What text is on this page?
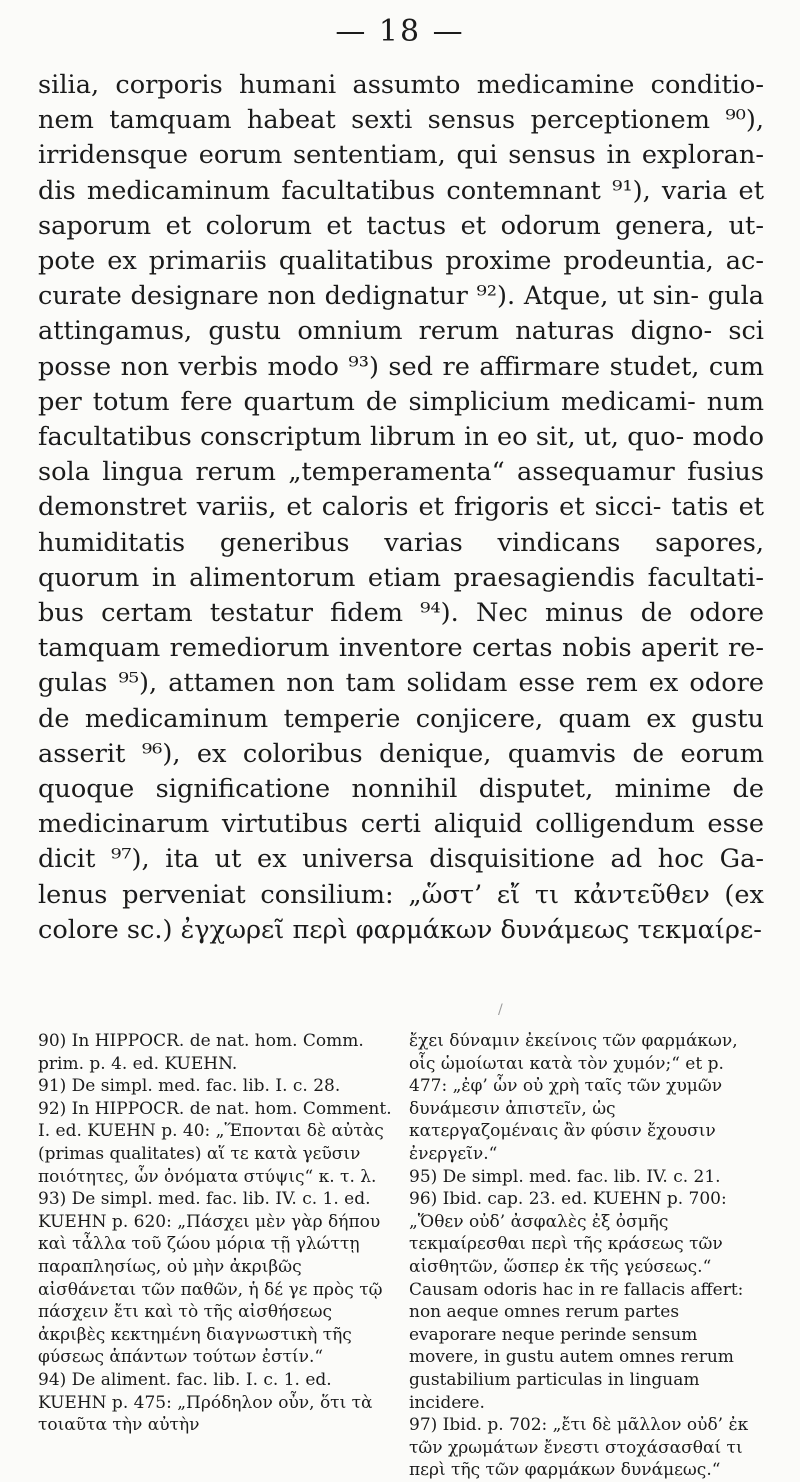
— 18 —

silia, corporis humani assumto medicamine conditio- nem tamquam habeat sexti sensus perceptionem ⁹⁰), irridensque eorum sententiam, qui sensus in exploran- dis medicaminum facultatibus contemnant ⁹¹), varia et saporum et colorum et tactus et odorum genera, ut- pote ex primariis qualitatibus proxime prodeuntia, ac- curate designare non dedignatur ⁹²). Atque, ut sin- gula attingamus, gustu omnium rerum naturas digno- sci posse non verbis modo ⁹³) sed re affirmare studet, cum per totum fere quartum de simplicium medicami- num facultatibus conscriptum librum in eo sit, ut, quo- modo sola lingua rerum „temperamenta“ assequamur fusius demonstret variis, et caloris et frigoris et sicci- tatis et humiditatis generibus varias vindicans sapores, quorum in alimentorum etiam praesagiendis facultati- bus certam testatur fidem ⁹⁴). Nec minus de odore tamquam remediorum inventore certas nobis aperit re- gulas ⁹⁵), attamen non tam solidam esse rem ex odore de medicaminum temperie conjicere, quam ex gustu asserit ⁹⁶), ex coloribus denique, quamvis de eorum quoque significatione nonnihil disputet, minime de medicinarum virtutibus certi aliquid colligendum esse dicit ⁹⁷), ita ut ex universa disquisitione ad hoc Ga- lenus perveniat consilium: „ὥστ’ εἴ τι κἀντεῦθεν (ex colore sc.) ἐγχωρεῖ περὶ φαρμάκων δυνάμεως τεκμαίρε-

/

90) In HIPPOCR. de nat. hom. Comm. prim. p. 4. ed. KUEHN.

91) De simpl. med. fac. lib. I. c. 28.

92) In HIPPOCR. de nat. hom. Comment. I. ed. KUEHN p. 40: „Ἕπονται δὲ αὐτὰς (primas qualitates) αἵ τε κατὰ γεῦσιν ποιότητες, ὧν ὀνόματα στύψις“ κ. τ. λ.

93) De simpl. med. fac. lib. IV. c. 1. ed. KUEHN p. 620: „Πάσχει μὲν γὰρ δήπου καὶ τἆλλα τοῦ ζώου μόρια τῇ γλώττῃ παραπλησίως, οὐ μὴν ἀκριβῶς αἰσθάνεται τῶν παθῶν, ἡ δέ γε πρὸς τῷ πάσχειν ἔτι καὶ τὸ τῆς αἰσθήσεως ἀκριβὲς κεκτημένη διαγνωστικὴ τῆς φύσεως ἁπάντων τούτων ἐστίν.“

94) De aliment. fac. lib. I. c. 1. ed. KUEHN p. 475: „Πρόδηλον οὖν, ὅτι τὰ τοιαῦτα τὴν αὐτὴν

ἔχει δύναμιν ἐκείνοις τῶν φαρμάκων, οἷς ὡμοίωται κατὰ τὸν χυμόν;“ et p. 477: „ἐφ’ ὧν οὐ χρὴ ταῖς τῶν χυμῶν δυνάμεσιν ἀπιστεῖν, ὡς κατεργαζομέναις ἂν φύσιν ἔχουσιν ἐνεργεῖν.“

95) De simpl. med. fac. lib. IV. c. 21.

96) Ibid. cap. 23. ed. KUEHN p. 700: „Ὅθεν οὐδ’ ἀσφαλὲς ἐξ ὀσμῆς τεκμαίρεσθαι περὶ τῆς κράσεως τῶν αἰσθητῶν, ὥσπερ ἐκ τῆς γεύσεως.“ Causam odoris hac in re fallacis affert: non aeque omnes rerum partes evaporare neque perinde sensum movere, in gustu autem omnes rerum gustabilium particulas in linguam incidere.

97) Ibid. p. 702: „ἔτι δὲ μᾶλλον οὐδ’ ἐκ τῶν χρωμάτων ἔνεστι στοχάσασθαί τι περὶ τῆς τῶν φαρμάκων δυνάμεως.“
